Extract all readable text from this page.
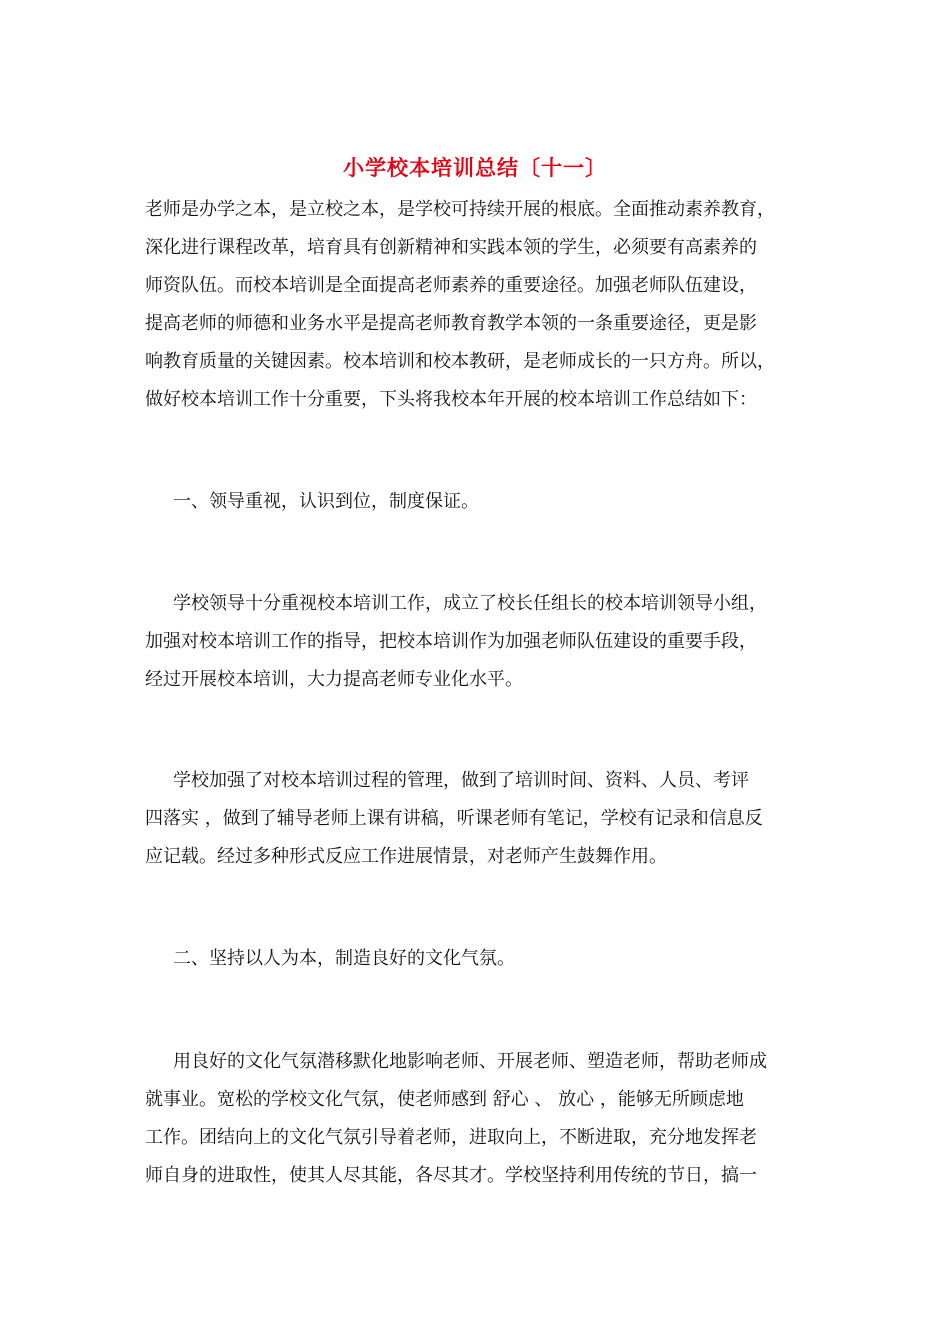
小学校本培训总结〔十一〕
老师是办学之本，是立校之本，是学校可持续开展的根底。全面推动素养教育，
深化进行课程改革，培育具有创新精神和实践本领的学生，必须要有高素养的
师资队伍。而校本培训是全面提高老师素养的重要途径。加强老师队伍建设，
提高老师的师德和业务水平是提高老师教育教学本领的一条重要途径，更是影
响教育质量的关键因素。校本培训和校本教研，是老师成长的一只方舟。所以，
做好校本培训工作十分重要，下头将我校本年开展的校本培训工作总结如下：
一、领导重视，认识到位，制度保证。
学校领导十分重视校本培训工作，成立了校长任组长的校本培训领导小组，
加强对校本培训工作的指导，把校本培训作为加强老师队伍建设的重要手段，
经过开展校本培训，大力提高老师专业化水平。
学校加强了对校本培训过程的管理，做到了培训时间、资料、人员、考评
四落实 ，做到了辅导老师上课有讲稿，听课老师有笔记，学校有记录和信息反
应记载。经过多种形式反应工作进展情景，对老师产生鼓舞作用。
二、坚持以人为本，制造良好的文化气氛。
用良好的文化气氛潜移默化地影响老师、开展老师、塑造老师，帮助老师成
就事业。宽松的学校文化气氛，使老师感到 舒心 、 放心 ，能够无所顾虑地
工作。团结向上的文化气氛引导着老师，进取向上，不断进取，充分地发挥老
师自身的进取性，使其人尽其能，各尽其才。学校坚持利用传统的节日，搞一
